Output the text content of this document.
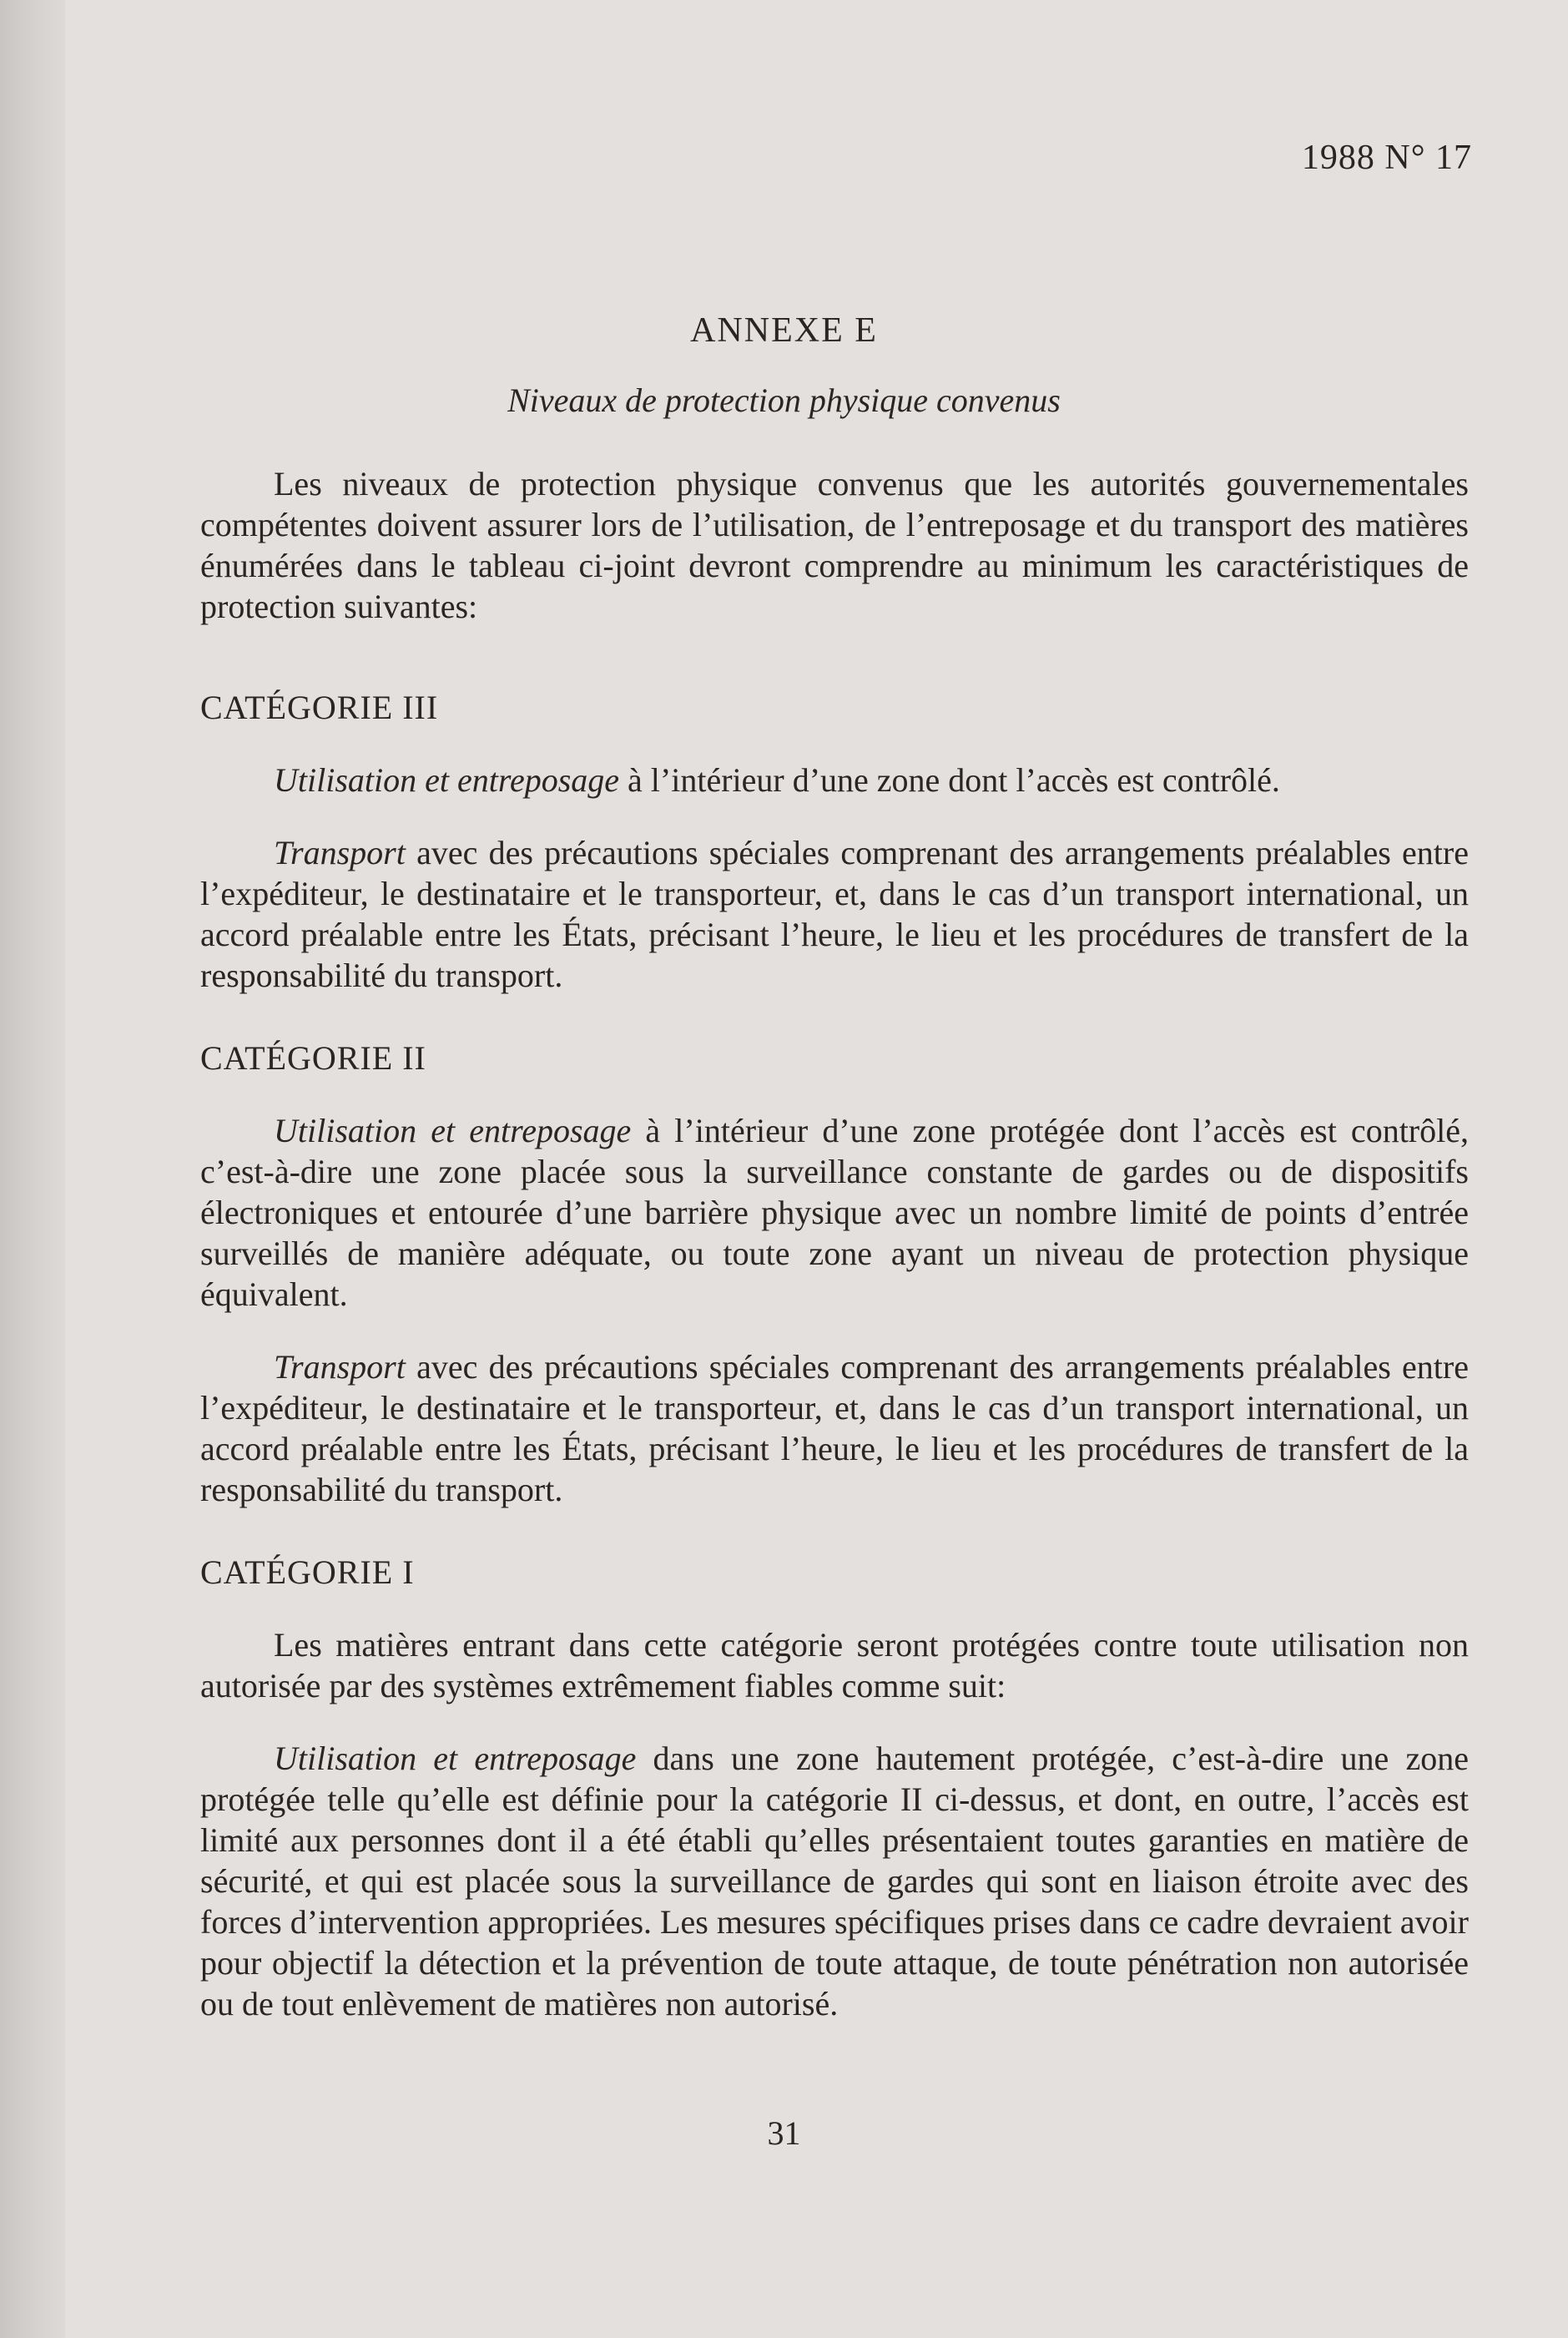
1988 N° 17

ANNEXE E
Niveaux de protection physique convenus

Les niveaux de protection physique convenus que les autorités gouvernementales compétentes doivent assurer lors de l’utilisation, de l’entreposage et du transport des matières énumérées dans le tableau ci-joint devront comprendre au minimum les caractéristiques de protection suivantes:

CATÉGORIE III

Utilisation et entreposage à l’intérieur d’une zone dont l’accès est contrôlé.

Transport avec des précautions spéciales comprenant des arrangements préalables entre l’expéditeur, le destinataire et le transporteur, et, dans le cas d’un transport international, un accord préalable entre les États, précisant l’heure, le lieu et les procédures de transfert de la responsabilité du transport.

CATÉGORIE II

Utilisation et entreposage à l’intérieur d’une zone protégée dont l’accès est contrôlé, c’est-à-dire une zone placée sous la surveillance constante de gardes ou de dispositifs électroniques et entourée d’une barrière physique avec un nombre limité de points d’entrée surveillés de manière adéquate, ou toute zone ayant un niveau de protection physique équivalent.

Transport avec des précautions spéciales comprenant des arrangements préalables entre l’expéditeur, le destinataire et le transporteur, et, dans le cas d’un transport international, un accord préalable entre les États, précisant l’heure, le lieu et les procédures de transfert de la responsabilité du transport.

CATÉGORIE I

Les matières entrant dans cette catégorie seront protégées contre toute utilisation non autorisée par des systèmes extrêmement fiables comme suit:

Utilisation et entreposage dans une zone hautement protégée, c’est-à-dire une zone protégée telle qu’elle est définie pour la catégorie II ci-dessus, et dont, en outre, l’accès est limité aux personnes dont il a été établi qu’elles présentaient toutes garanties en matière de sécurité, et qui est placée sous la surveillance de gardes qui sont en liaison étroite avec des forces d’intervention appropriées. Les mesures spécifiques prises dans ce cadre devraient avoir pour objectif la détection et la prévention de toute attaque, de toute pénétration non autorisée ou de tout enlèvement de matières non autorisé.

31
